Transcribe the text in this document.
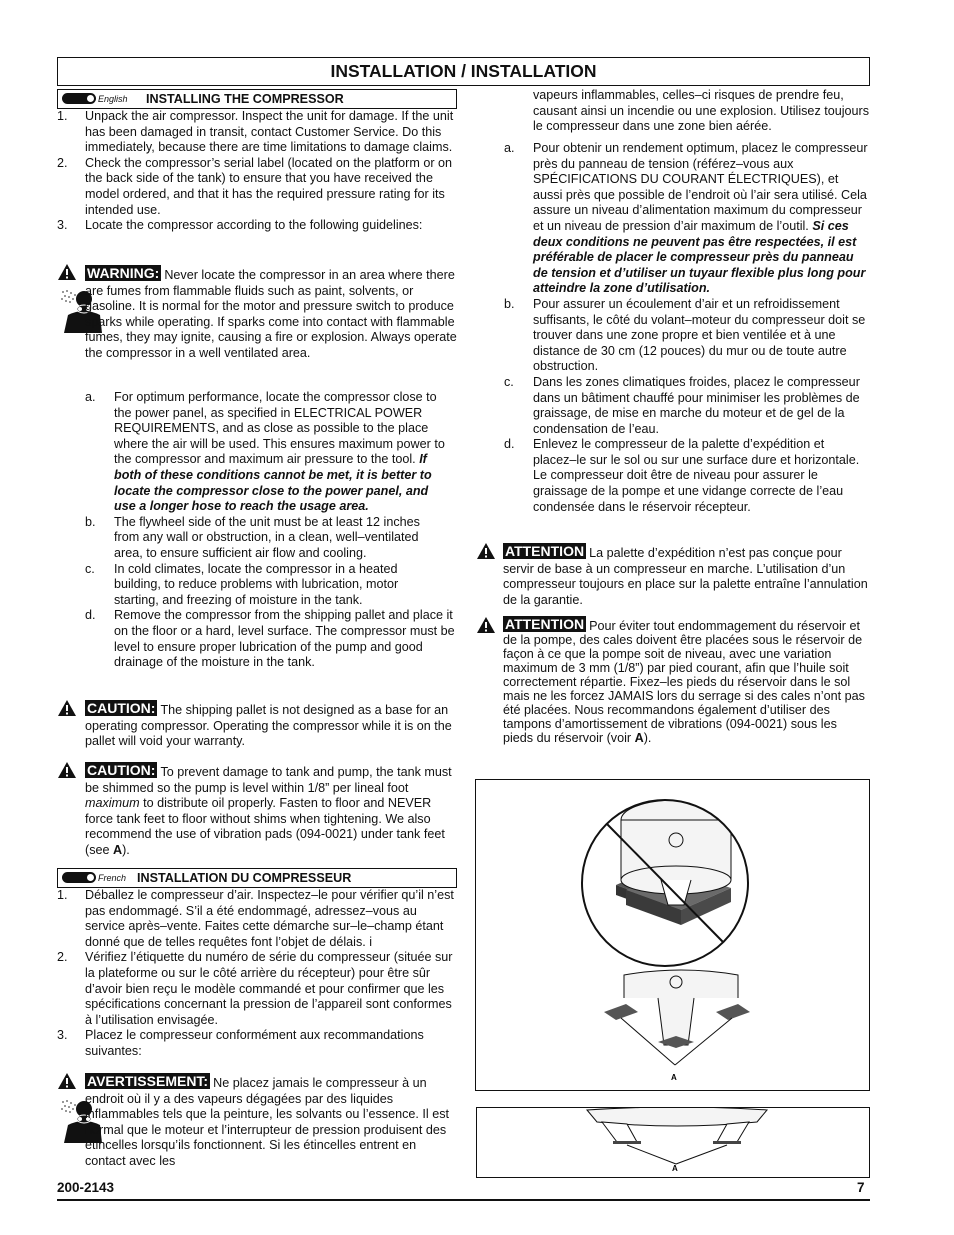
INSTALLATION / INSTALLATION
English INSTALLING THE COMPRESSOR
1. Unpack the air compressor. Inspect the unit for damage. If the unit has been damaged in transit, contact Customer Service. Do this immediately, because there are time limitations to damage claims.
2. Check the compressor’s serial label (located on the platform or on the back side of the tank) to ensure that you have received the model ordered, and that it has the required pressure rating for its intended use.
3. Locate the compressor according to the following guidelines:
WARNING: Never locate the compressor in an area where there are fumes from flammable fluids such as paint, solvents, or gasoline. It is normal for the motor and pressure switch to produce sparks while operating. If sparks come into contact with flammable fumes, they may ignite, causing a fire or explosion. Always operate the compressor in a well ventilated area.
a. For optimum performance, locate the compressor close to the power panel, as specified in ELECTRICAL POWER REQUIREMENTS, and as close as possible to the place where the air will be used. This ensures maximum power to the compressor and maximum air pressure to the tool. If both of these conditions cannot be met, it is better to locate the compressor close to the power panel, and use a longer hose to reach the usage area.
b. The flywheel side of the unit must be at least 12 inches from any wall or obstruction, in a clean, well–ventilated area, to ensure sufficient air flow and cooling.
c. In cold climates, locate the compressor in a heated building, to reduce problems with lubrication, motor starting, and freezing of moisture in the tank.
d. Remove the compressor from the shipping pallet and place it on the floor or a hard, level surface. The compressor must be level to ensure proper lubrication of the pump and good drainage of the moisture in the tank.
CAUTION: The shipping pallet is not designed as a base for an operating compressor. Operating the compressor while it is on the pallet will void your warranty.
CAUTION: To prevent damage to tank and pump, the tank must be shimmed so the pump is level within 1/8” per lineal foot maximum to distribute oil properly. Fasten to floor and NEVER force tank feet to floor without shims when tightening. We also recommend the use of vibration pads (094-0021) under tank feet (see A).
French INSTALLATION DU COMPRESSEUR
1. Déballez le compresseur d’air. Inspectez–le pour vérifier qu’il n’est pas endommagé. S’il a été endommagé, adressez–vous au service après–vente. Faites cette démarche sur–le–champ étant donné que de telles requêtes font l’objet de délais. i
2. Vérifiez l’étiquette du numéro de série du compresseur (située sur la plateforme ou sur le côté arrière du récepteur) pour être sûr d’avoir bien reçu le modèle commandé et pour confirmer que les spécifications concernant la pression de l’appareil sont conformes à l’utilisation envisagée.
3. Placez le compresseur conformément aux recommandations suivantes:
AVERTISSEMENT: Ne placez jamais le compresseur à un endroit où il y a des vapeurs dégagées par des liquides inflammables tels que la peinture, les solvants ou l’essence. Il est normal que le moteur et l’interrupteur de pression produisent des étincelles lorsqu’ils fonctionnent. Si les étincelles entrent en contact avec les
vapeurs inflammables, celles–ci risques de prendre feu, causant ainsi un incendie ou une explosion. Utilisez toujours le compresseur dans une zone bien aérée.
a. Pour obtenir un rendement optimum, placez le compresseur près du panneau de tension (référez–vous aux SPÉCIFICATIONS DU COURANT ÉLECTRIQUES), et aussi près que possible de l’endroit où l’air sera utilisé. Cela assure un niveau d’alimentation maximum du compresseur et un niveau de pression d’air maximum de l’outil. Si ces deux conditions ne peuvent pas être respectées, il est préférable de placer le compresseur près du panneau de tension et d’utiliser un tuyaur flexible plus long pour atteindre la zone d’utilisation.
b. Pour assurer un écoulement d’air et un refroidissement suffisants, le côté du volant–moteur du compresseur doit se trouver dans une zone propre et bien ventilée et à une distance de 30 cm (12 pouces) du mur ou de toute autre obstruction.
c. Dans les zones climatiques froides, placez le compresseur dans un bâtiment chauffé pour minimiser les problèmes de graissage, de mise en marche du moteur et de gel de la condensation de l’eau.
d. Enlevez le compresseur de la palette d’expédition et placez–le sur le sol ou sur une surface dure et horizontale. Le compresseur doit être de niveau pour assurer le graissage de la pompe et une vidange correcte de l’eau condensée dans le réservoir récepteur.
ATTENTION La palette d’expédition n’est pas conçue pour servir de base à un compresseur en marche. L’utilisation d’un compresseur toujours en place sur la palette entraîne l’annulation de la garantie.
ATTENTION Pour éviter tout endommagement du réservoir et de la pompe, des cales doivent être placées sous le réservoir de façon à ce que la pompe soit de niveau, avec une variation maximum de 3 mm (1/8”) par pied courant, afin que l’huile soit correctement répartie. Fixez–les pieds du réservoir dans le sol mais ne les forcez JAMAIS lors du serrage si des cales n’ont pas été placées. Nous recommandons également d’utiliser des tampons d’amortissement de vibrations (094-0021) sous les pieds du réservoir (voir A).
A
A
200-2143	7
